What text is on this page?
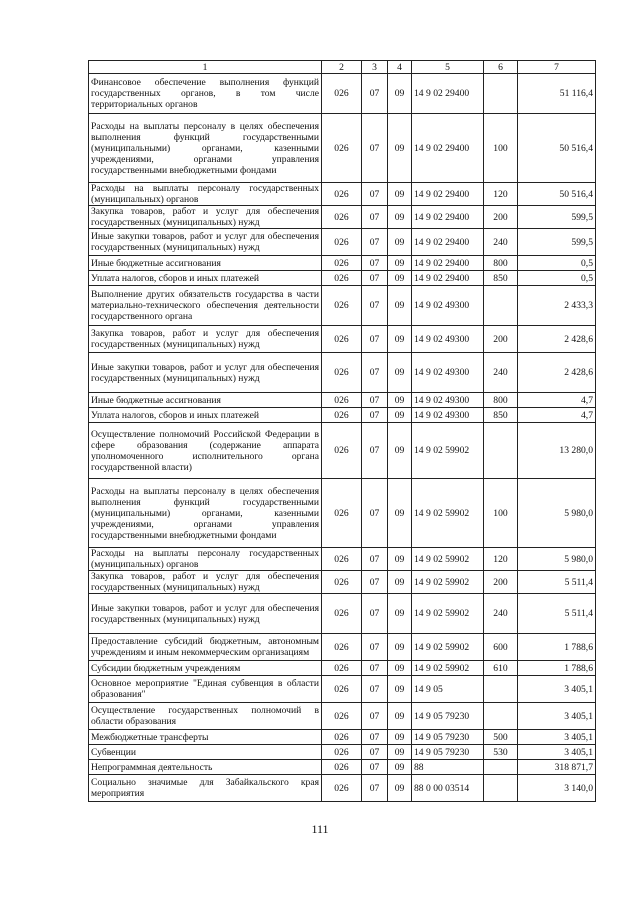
1	2	3	4	5	6	7
Финансовое обеспечение выполнения функций государственных органов, в том числе территориальных органов	026	07	09	14 9 02 29400		51 116,4
Расходы на выплаты персоналу в целях обеспечения выполнения функций государственными (муниципальными) органами, казенными учреждениями, органами управления государственными внебюджетными фондами	026	07	09	14 9 02 29400	100	50 516,4
Расходы на выплаты персоналу государственных (муниципальных) органов	026	07	09	14 9 02 29400	120	50 516,4
Закупка товаров, работ и услуг для обеспечения государственных (муниципальных) нужд	026	07	09	14 9 02 29400	200	599,5
Иные закупки товаров, работ и услуг для обеспечения государственных (муниципальных) нужд	026	07	09	14 9 02 29400	240	599,5
Иные бюджетные ассигнования	026	07	09	14 9 02 29400	800	0,5
Уплата налогов, сборов и иных платежей	026	07	09	14 9 02 29400	850	0,5
Выполнение других обязательств государства в части материально-технического обеспечения деятельности государственного органа	026	07	09	14 9 02 49300		2 433,3
Закупка товаров, работ и услуг для обеспечения государственных (муниципальных) нужд	026	07	09	14 9 02 49300	200	2 428,6
Иные закупки товаров, работ и услуг для обеспечения государственных (муниципальных) нужд	026	07	09	14 9 02 49300	240	2 428,6
Иные бюджетные ассигнования	026	07	09	14 9 02 49300	800	4,7
Уплата налогов, сборов и иных платежей	026	07	09	14 9 02 49300	850	4,7
Осуществление полномочий Российской Федерации в сфере образования (содержание аппарата уполномоченного исполнительного органа государственной власти)	026	07	09	14 9 02 59902		13 280,0
Расходы на выплаты персоналу в целях обеспечения выполнения функций государственными (муниципальными) органами, казенными учреждениями, органами управления государственными внебюджетными фондами	026	07	09	14 9 02 59902	100	5 980,0
Расходы на выплаты персоналу государственных (муниципальных) органов	026	07	09	14 9 02 59902	120	5 980,0
Закупка товаров, работ и услуг для обеспечения государственных (муниципальных) нужд	026	07	09	14 9 02 59902	200	5 511,4
Иные закупки товаров, работ и услуг для обеспечения государственных (муниципальных) нужд	026	07	09	14 9 02 59902	240	5 511,4
Предоставление субсидий бюджетным, автономным учреждениям и иным некоммерческим организациям	026	07	09	14 9 02 59902	600	1 788,6
Субсидии бюджетным учреждениям	026	07	09	14 9 02 59902	610	1 788,6
Основное мероприятие "Единая субвенция в области образования"	026	07	09	14 9 05		3 405,1
Осуществление государственных полномочий в области образования	026	07	09	14 9 05 79230		3 405,1
Межбюджетные трансферты	026	07	09	14 9 05 79230	500	3 405,1
Субвенции	026	07	09	14 9 05 79230	530	3 405,1
Непрограммная деятельность	026	07	09	88		318 871,7
Социально значимые для Забайкальского края мероприятия	026	07	09	88 0 00 03514		3 140,0
111
